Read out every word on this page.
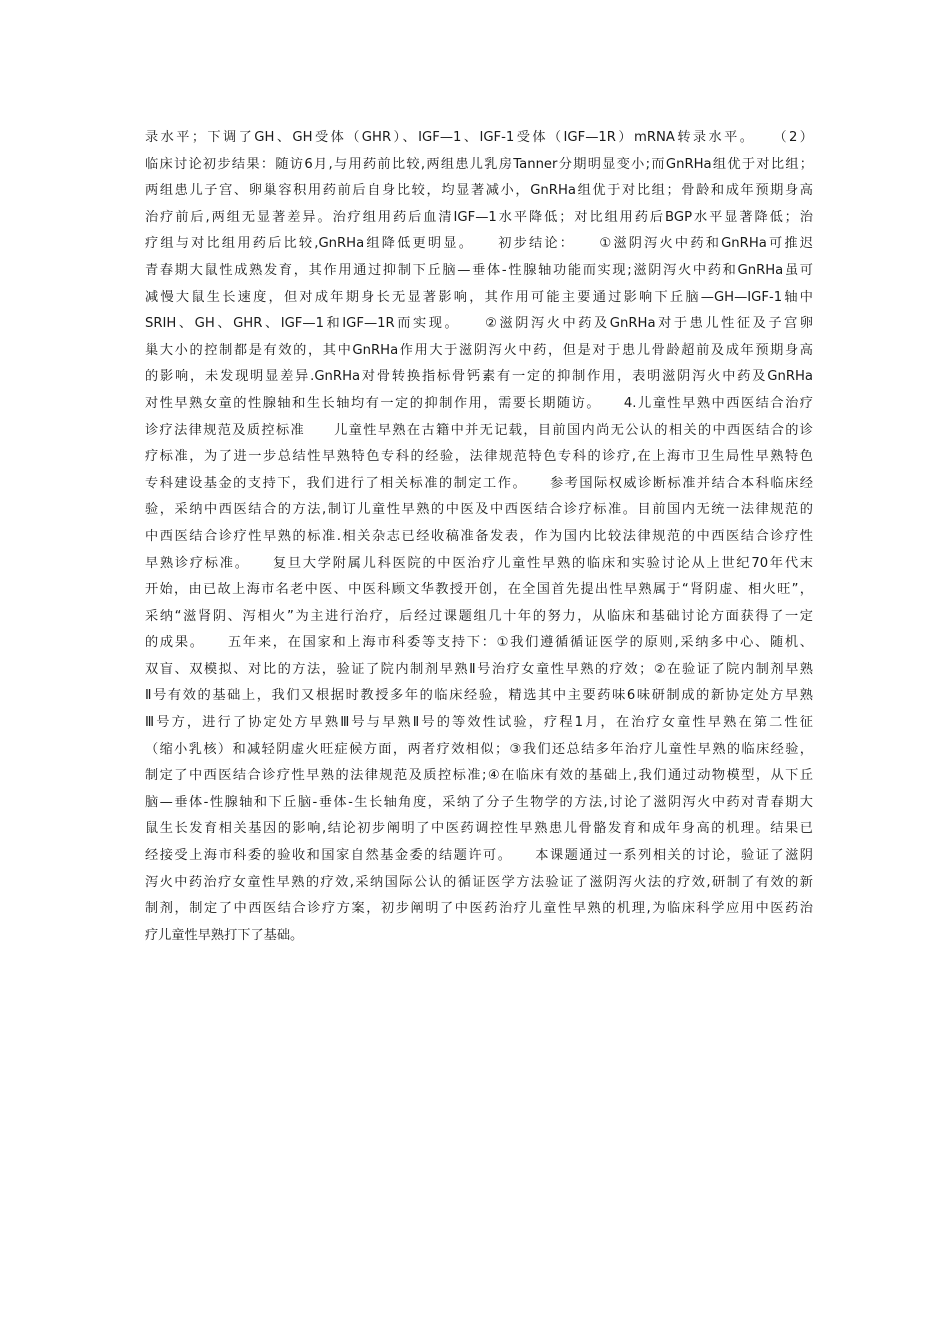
录水平；下调了GH、GH受体（GHR）、IGF—1、IGF-1受体（IGF—1R）mRNA转录水平。　　（2）
临床讨论初步结果：随访6月,与用药前比较,两组患儿乳房Tanner分期明显变小;而GnRHa组优于对比组；
两组患儿子宫、卵巢容积用药前后自身比较，均显著减小，GnRHa组优于对比组；骨龄和成年预期身高
治疗前后,两组无显著差异。治疗组用药后血清IGF—1水平降低；对比组用药后BGP水平显著降低；治
疗组与对比组用药后比较,GnRHa组降低更明显。　　初步结论：　　①滋阴泻火中药和GnRHa可推迟
青春期大鼠性成熟发育，其作用通过抑制下丘脑—垂体-性腺轴功能而实现;滋阴泻火中药和GnRHa虽可
减慢大鼠生长速度，但对成年期身长无显著影响，其作用可能主要通过影响下丘脑—GH—IGF-1轴中
SRIH、GH、GHR、IGF—1和IGF—1R而实现。　　②滋阴泻火中药及GnRHa对于患儿性征及子宫卵
巢大小的控制都是有效的，其中GnRHa作用大于滋阴泻火中药，但是对于患儿骨龄超前及成年预期身高
的影响，未发现明显差异.GnRHa对骨转换指标骨钙素有一定的抑制作用，表明滋阴泻火中药及GnRHa
对性早熟女童的性腺轴和生长轴均有一定的抑制作用，需要长期随访。　　4.儿童性早熟中西医结合治疗
诊疗法律规范及质控标准　　儿童性早熟在古籍中并无记载，目前国内尚无公认的相关的中西医结合的诊
疗标准，为了进一步总结性早熟特色专科的经验，法律规范特色专科的诊疗,在上海市卫生局性早熟特色
专科建设基金的支持下，我们进行了相关标准的制定工作。　　参考国际权威诊断标准并结合本科临床经
验，采纳中西医结合的方法,制订儿童性早熟的中医及中西医结合诊疗标准。目前国内无统一法律规范的
中西医结合诊疗性早熟的标准.相关杂志已经收稿准备发表，作为国内比较法律规范的中西医结合诊疗性
早熟诊疗标准。　　复旦大学附属儿科医院的中医治疗儿童性早熟的临床和实验讨论从上世纪70年代末
开始，由已故上海市名老中医、中医科顾文华教授开创，在全国首先提出性早熟属于“肾阴虚、相火旺”，
采纳“滋肾阴、泻相火”为主进行治疗，后经过课题组几十年的努力，从临床和基础讨论方面获得了一定
的成果。　　五年来，在国家和上海市科委等支持下：①我们遵循循证医学的原则,采纳多中心、随机、
双盲、双模拟、对比的方法，验证了院内制剂早熟Ⅱ号治疗女童性早熟的疗效；②在验证了院内制剂早熟
Ⅱ号有效的基础上，我们又根据时教授多年的临床经验，精选其中主要药味6味研制成的新协定处方早熟
Ⅲ号方，进行了协定处方早熟Ⅲ号与早熟Ⅱ号的等效性试验，疗程1月，在治疗女童性早熟在第二性征
（缩小乳核）和减轻阴虚火旺症候方面，两者疗效相似；③我们还总结多年治疗儿童性早熟的临床经验，
制定了中西医结合诊疗性早熟的法律规范及质控标准;④在临床有效的基础上,我们通过动物模型，从下丘
脑—垂体-性腺轴和下丘脑-垂体-生长轴角度，采纳了分子生物学的方法,讨论了滋阴泻火中药对青春期大
鼠生长发育相关基因的影响,结论初步阐明了中医药调控性早熟患儿骨骼发育和成年身高的机理。结果已
经接受上海市科委的验收和国家自然基金委的结题许可。　　本课题通过一系列相关的讨论，验证了滋阴
泻火中药治疗女童性早熟的疗效,采纳国际公认的循证医学方法验证了滋阴泻火法的疗效,研制了有效的新
制剂，制定了中西医结合诊疗方案，初步阐明了中医药治疗儿童性早熟的机理,为临床科学应用中医药治
疗儿童性早熟打下了基础。
